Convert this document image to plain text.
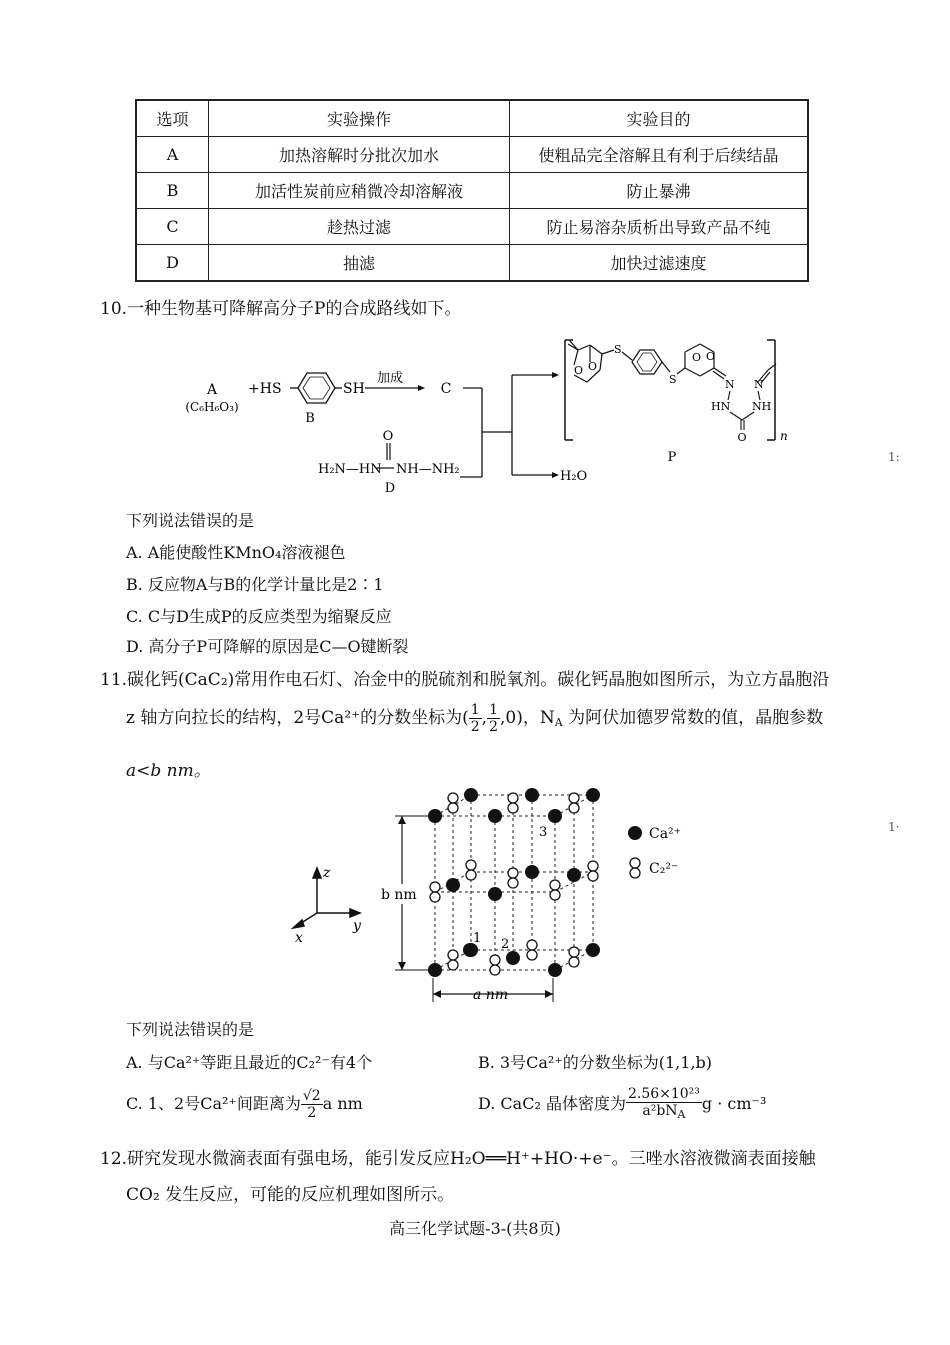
选项	实验操作	实验目的
A	加热溶解时分批次加水	使粗品完全溶解且有利于后续结晶
B	加活性炭前应稍微冷却溶解液	防止暴沸
C	趁热过滤	防止易溶杂质析出导致产品不纯
D	抽滤	加快过滤速度
10.一种生物基可降解高分子P的合成路线如下。
A
(C₆H₆O₃)
+HS	SH
B
加成
C
H₂O
H₂N—HN
O
NH—NH₂
D
n
O O
S
S
O O
N N
HN NH
O
P	1:
下列说法错误的是
A. A能使酸性KMnO₄溶液褪色
B. 反应物A与B的化学计量比是2∶1
C. C与D生成P的反应类型为缩聚反应
D. 高分子P可降解的原因是C—O键断裂
11.碳化钙(CaC₂)常用作电石灯、冶金中的脱硫剂和脱氧剂。碳化钙晶胞如图所示，为立方晶胞沿
z 轴方向拉长的结构，2号Ca²⁺的分数坐标为( $\frac{1}{2}$ , $\frac{1}{2} ,0$)，$N_A$ 为阿伏加德罗常数的值，晶胞参数
a<b nm。
z
y
x
b nm
a nm
1 2
3	Ca²⁺
C₂²⁻
1·
下列说法错误的是
A. 与Ca²⁺等距且最近的C₂²⁻有4个	B. 3号Ca²⁺的分数坐标为(1,1,b)
C. 1、2号Ca²⁺间距离为 $\frac{√2}{2}$ a nm	D. CaC₂ 晶体密度为 $\frac{\text{2.56×10²³}}{a^2bN_A}$ g · cm⁻³
12.研究发现水微滴表面有强电场，能引发反应H₂O══H⁺+HO·+e⁻。三唑水溶液微滴表面接触
CO₂ 发生反应，可能的反应机理如图所示。
高三化学试题-3-(共8页)
